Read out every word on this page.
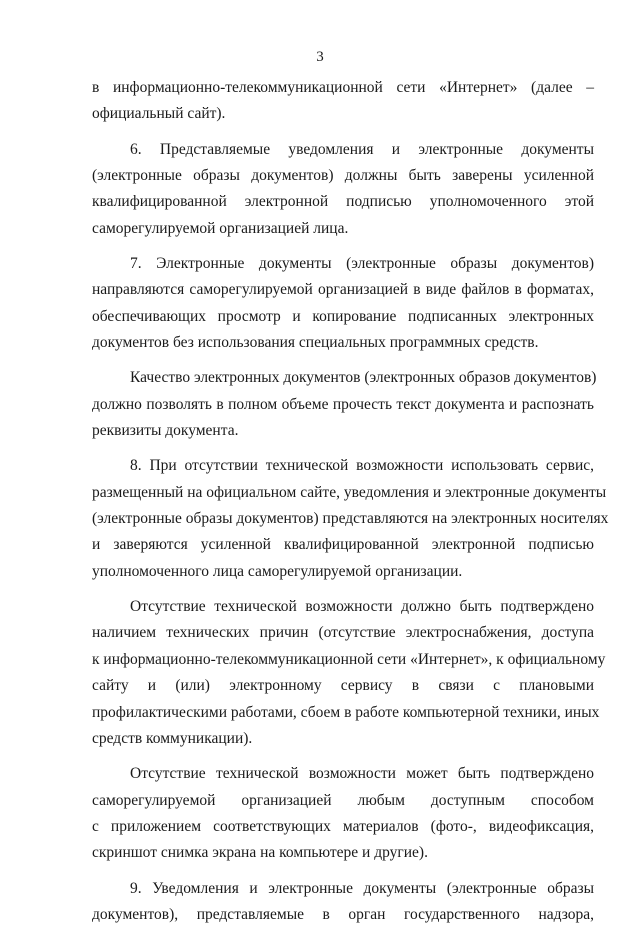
3
в информационно-телекоммуникационной сети «Интернет» (далее –
официальный сайт).
6. Представляемые уведомления и электронные документы
(электронные образы документов) должны быть заверены усиленной
квалифицированной электронной подписью уполномоченного этой
саморегулируемой организацией лица.
7. Электронные документы (электронные образы документов)
направляются саморегулируемой организацией в виде файлов в форматах,
обеспечивающих просмотр и копирование подписанных электронных
документов без использования специальных программных средств.
Качество электронных документов (электронных образов документов)
должно позволять в полном объеме прочесть текст документа и распознать
реквизиты документа.
8. При отсутствии технической возможности использовать сервис,
размещенный на официальном сайте, уведомления и электронные документы
(электронные образы документов) представляются на электронных носителях
и заверяются усиленной квалифицированной электронной подписью
уполномоченного лица саморегулируемой организации.
Отсутствие технической возможности должно быть подтверждено
наличием технических причин (отсутствие электроснабжения, доступа
к информационно-телекоммуникационной сети «Интернет», к официальному
сайту и (или) электронному сервису в связи с плановыми
профилактическими работами, сбоем в работе компьютерной техники, иных
средств коммуникации).
Отсутствие технической возможности может быть подтверждено
саморегулируемой организацией любым доступным способом
с приложением соответствующих материалов (фото-, видеофиксация,
скриншот снимка экрана на компьютере и другие).
9. Уведомления и электронные документы (электронные образы
документов), представляемые в орган государственного надзора,
